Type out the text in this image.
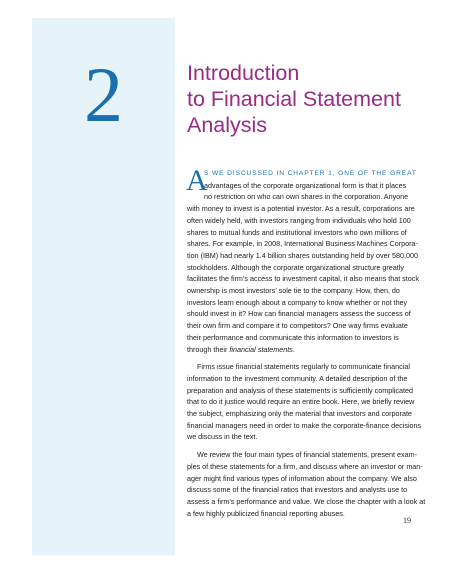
2	Introduction
to Financial Statement
Analysis
A
S WE DISCUSSED IN CHAPTER 1, ONE OF THE GREAT
advantages of the corporate organizational form is that it places
no restriction on who can own shares in the corporation. Anyone
with money to invest is a potential investor. As a result, corporations are
often widely held, with investors ranging from individuals who hold 100
shares to mutual funds and institutional investors who own millions of
shares. For example, in 2008, International Business Machines Corpora-
tion (IBM) had nearly 1.4 billion shares outstanding held by over 580,000
stockholders. Although the corporate organizational structure greatly
facilitates the firm’s access to investment capital, it also means that stock
ownership is most investors’ sole tie to the company. How, then, do
investors learn enough about a company to know whether or not they
should invest in it? How can financial managers assess the success of
their own firm and compare it to competitors? One way firms evaluate
their performance and communicate this information to investors is
through their financial statements.
Firms issue financial statements regularly to communicate financial
information to the investment community. A detailed description of the
preparation and analysis of these statements is sufficiently complicated
that to do it justice would require an entire book. Here, we briefly review
the subject, emphasizing only the material that investors and corporate
financial managers need in order to make the corporate-finance decisions
we discuss in the text.
We review the four main types of financial statements, present exam-
ples of these statements for a firm, and discuss where an investor or man-
ager might find various types of information about the company. We also
discuss some of the financial ratios that investors and analysts use to
assess a firm’s performance and value. We close the chapter with a look at
a few highly publicized financial reporting abuses.
19
